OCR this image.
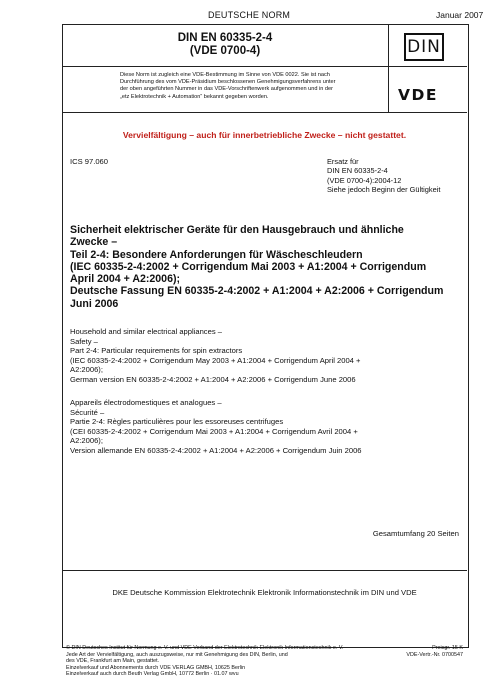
DEUTSCHE NORM	Januar 2007
DIN EN 60335-2-4
(VDE 0700-4)	DIN
Diese Norm ist zugleich eine VDE-Bestimmung im Sinne von VDE 0022. Sie ist nach
Durchführung des vom VDE-Präsidium beschlossenen Genehmigungsverfahrens unter
der oben angeführten Nummer in das VDE-Vorschriftenwerk aufgenommen und in der
„etz Elektrotechnik + Automation“ bekannt gegeben worden.	VDE
Vervielfältigung – auch für innerbetriebliche Zwecke – nicht gestattet.
ICS 97.060	Ersatz für
DIN EN 60335-2-4
(VDE 0700-4):2004-12
Siehe jedoch Beginn der Gültigkeit
Sicherheit elektrischer Geräte für den Hausgebrauch und ähnliche
Zwecke –
Teil 2-4: Besondere Anforderungen für Wäscheschleudern
(IEC 60335-2-4:2002 + Corrigendum Mai 2003 + A1:2004 + Corrigendum
April 2004 + A2:2006);
Deutsche Fassung EN 60335-2-4:2002 + A1:2004 + A2:2006 + Corrigendum
Juni 2006
Household and similar electrical appliances –
Safety –
Part 2-4: Particular requirements for spin extractors
(IEC 60335-2-4:2002 + Corrigendum May 2003 + A1:2004 + Corrigendum April 2004 +
A2:2006);
German version EN 60335-2-4:2002 + A1:2004 + A2:2006 + Corrigendum June 2006
Appareils électrodomestiques et analogues –
Sécurité –
Partie 2-4: Règles particulières pour les essoreuses centrifuges
(CEI 60335-2-4:2002 + Corrigendum Mai 2003 + A1:2004 + Corrigendum Avril 2004 +
A2:2006);
Version allemande EN 60335-2-4:2002 + A1:2004 + A2:2006 + Corrigendum Juin 2006
Gesamtumfang 20 Seiten
DKE Deutsche Kommission Elektrotechnik Elektronik Informationstechnik im DIN und VDE
© DIN Deutsches Institut für Normung e. V. und VDE Verband der Elektrotechnik Elektronik Informationstechnik e. V.
Jede Art der Vervielfältigung, auch auszugsweise, nur mit Genehmigung des DIN, Berlin, und
des VDE, Frankfurt am Main, gestattet.
Einzelverkauf und Abonnements durch VDE VERLAG GMBH, 10625 Berlin
Einzelverkauf auch durch Beuth Verlag GmbH, 10772 Berlin · 01.07 wvu
Preisgr. 15 K
VDE-Vertr.-Nr. 0700547
